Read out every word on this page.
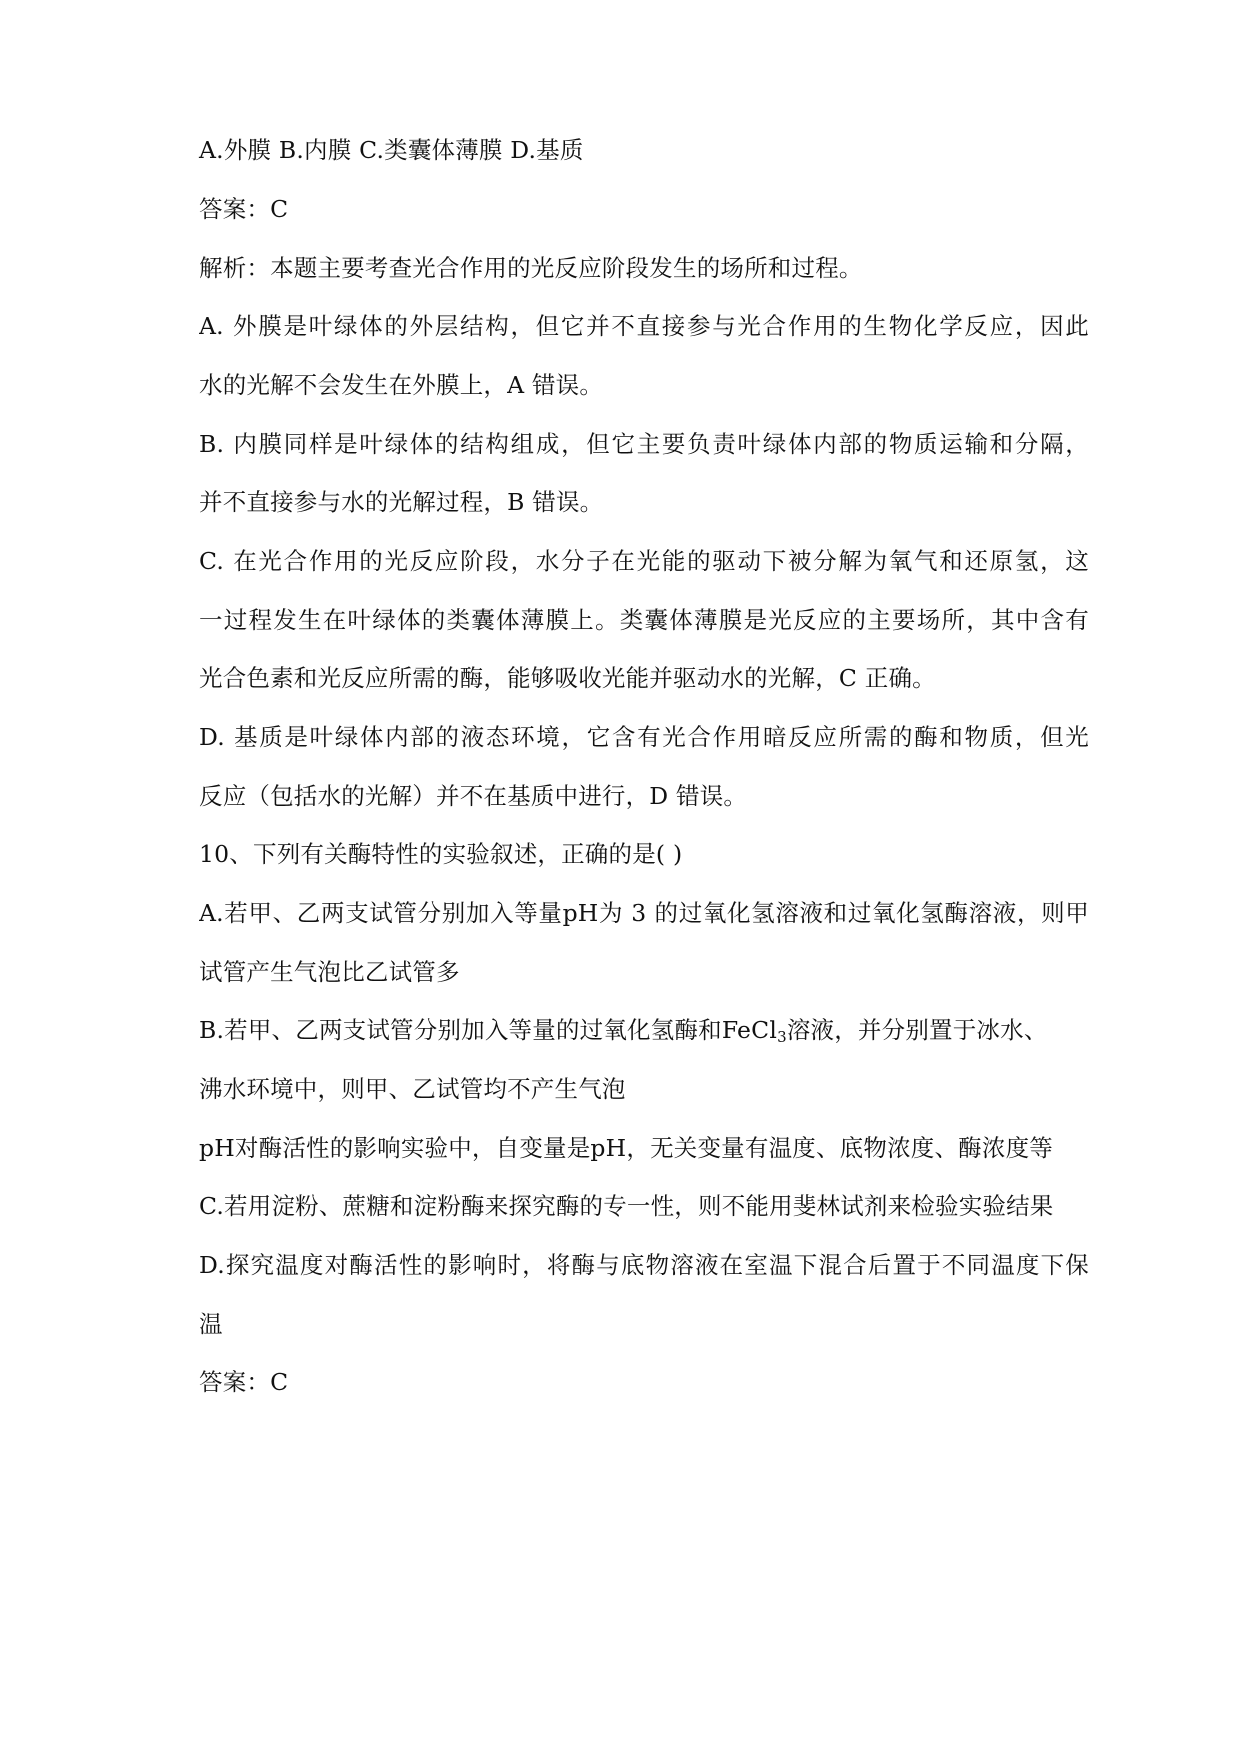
A.外膜 B.内膜 C.类囊体薄膜 D.基质
答案：C
解析：本题主要考查光合作用的光反应阶段发生的场所和过程。
A. 外膜是叶绿体的外层结构，但它并不直接参与光合作用的生物化学反应，因此
水的光解不会发生在外膜上，A 错误。
B. 内膜同样是叶绿体的结构组成，但它主要负责叶绿体内部的物质运输和分隔，
并不直接参与水的光解过程，B 错误。
C. 在光合作用的光反应阶段，水分子在光能的驱动下被分解为氧气和还原氢，这
一过程发生在叶绿体的类囊体薄膜上。类囊体薄膜是光反应的主要场所，其中含有
光合色素和光反应所需的酶，能够吸收光能并驱动水的光解，C 正确。
D. 基质是叶绿体内部的液态环境，它含有光合作用暗反应所需的酶和物质，但光
反应（包括水的光解）并不在基质中进行，D 错误。
10、下列有关酶特性的实验叙述，正确的是( )
A.若甲、乙两支试管分别加入等量pH为 3 的过氧化氢溶液和过氧化氢酶溶液，则甲
试管产生气泡比乙试管多
B.若甲、乙两支试管分别加入等量的过氧化氢酶和FeCl$_3$溶液，并分别置于冰水、
沸水环境中，则甲、乙试管均不产生气泡
pH对酶活性的影响实验中，自变量是pH，无关变量有温度、底物浓度、酶浓度等
C.若用淀粉、蔗糖和淀粉酶来探究酶的专一性，则不能用斐林试剂来检验实验结果
D.探究温度对酶活性的影响时，将酶与底物溶液在室温下混合后置于不同温度下保
温
答案：C
